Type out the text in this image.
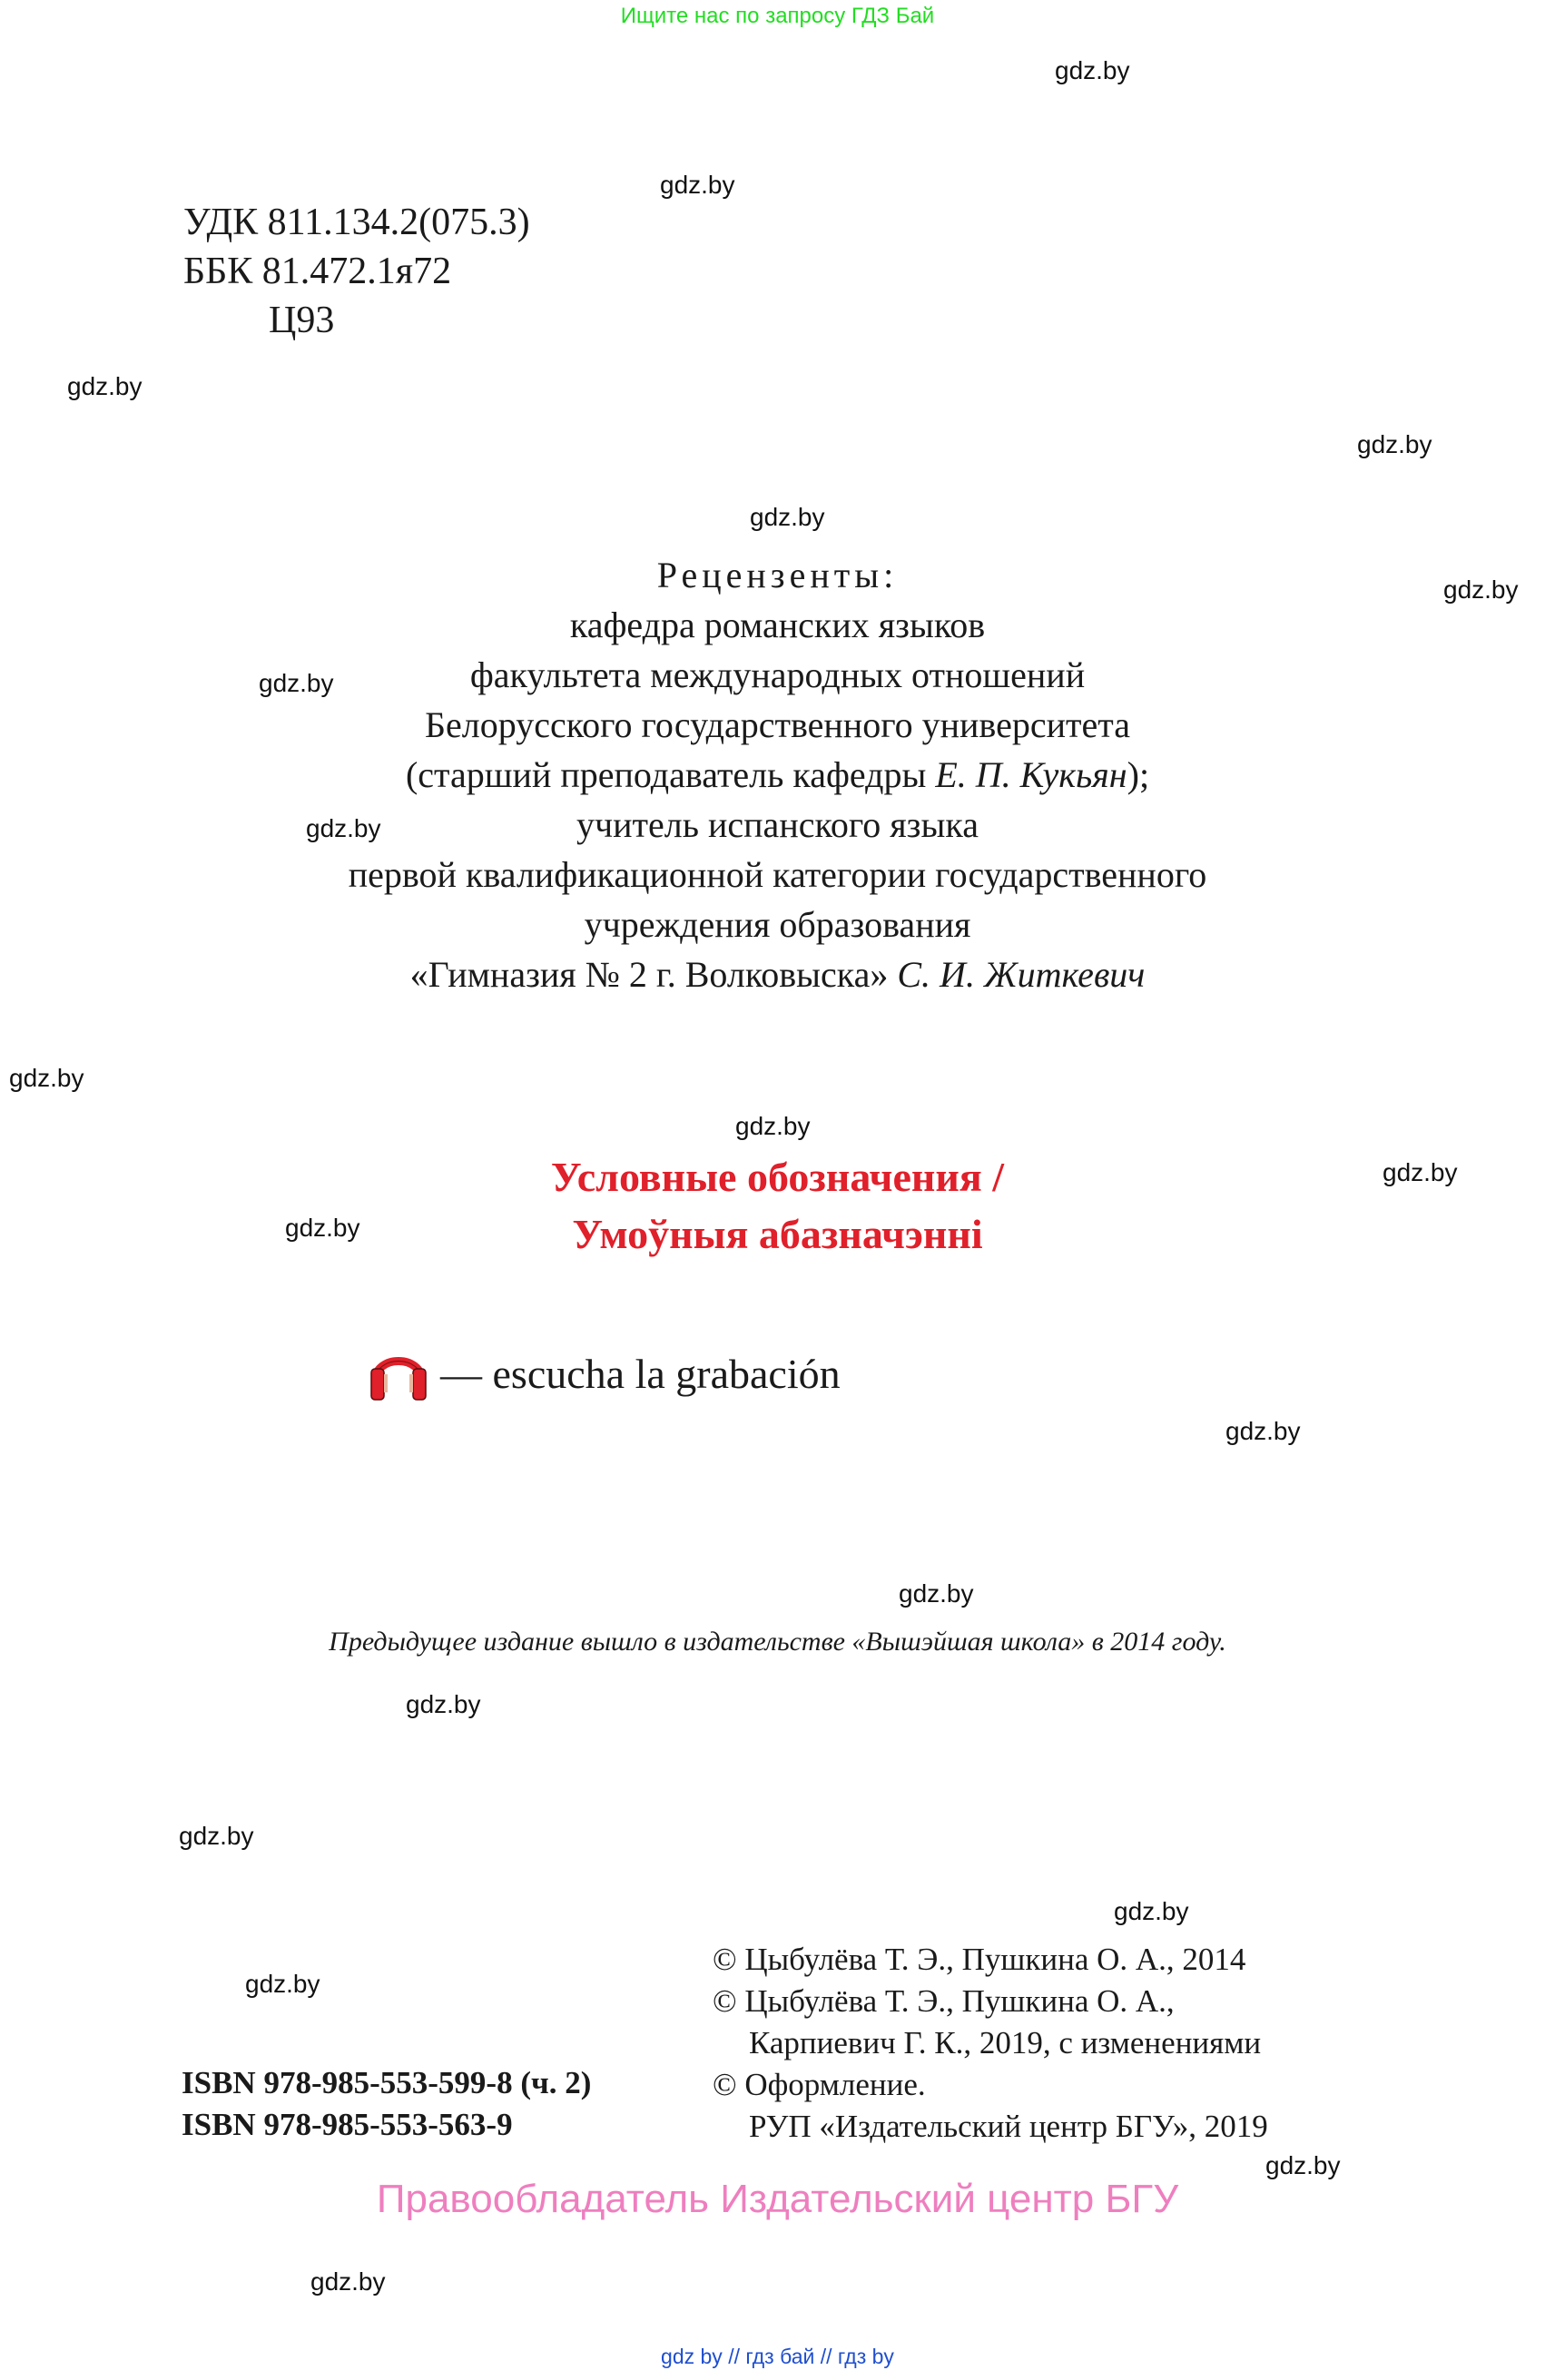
Ищите нас по запросу ГДЗ Бай
gdz.by
gdz.by
gdz.by
gdz.by
gdz.by
gdz.by
gdz.by
gdz.by
gdz.by
gdz.by
gdz.by
gdz.by
gdz.by
gdz.by
gdz.by
gdz.by
gdz.by
gdz.by
gdz.by
gdz.by
УДК 811.134.2(075.3)
ББК 81.472.1я72
Ц93
Рецензенты:
кафедра романских языков
факультета международных отношений
Белорусского государственного университета
(старший преподаватель кафедры Е. П. Кукьян);
учитель испанского языка
первой квалификационной категории государственного
учреждения образования
«Гимназия № 2 г. Волковыска» С. И. Житкевич
Условные обозначения /
Умоўныя абазначэнні
— escucha la grabación
Предыдущее издание вышло в издательстве «Вышэйшая школа» в 2014 году.
ISBN 978-985-553-599-8 (ч. 2)
ISBN 978-985-553-563-9
© Цыбулёва Т. Э., Пушкина О. А., 2014
© Цыбулёва Т. Э., Пушкина О. А.,
Карпиевич Г. К., 2019, с изменениями
© Оформление.
РУП «Издательский центр БГУ», 2019
Правообладатель Издательский центр БГУ
gdz by // гдз бай // гдз by
